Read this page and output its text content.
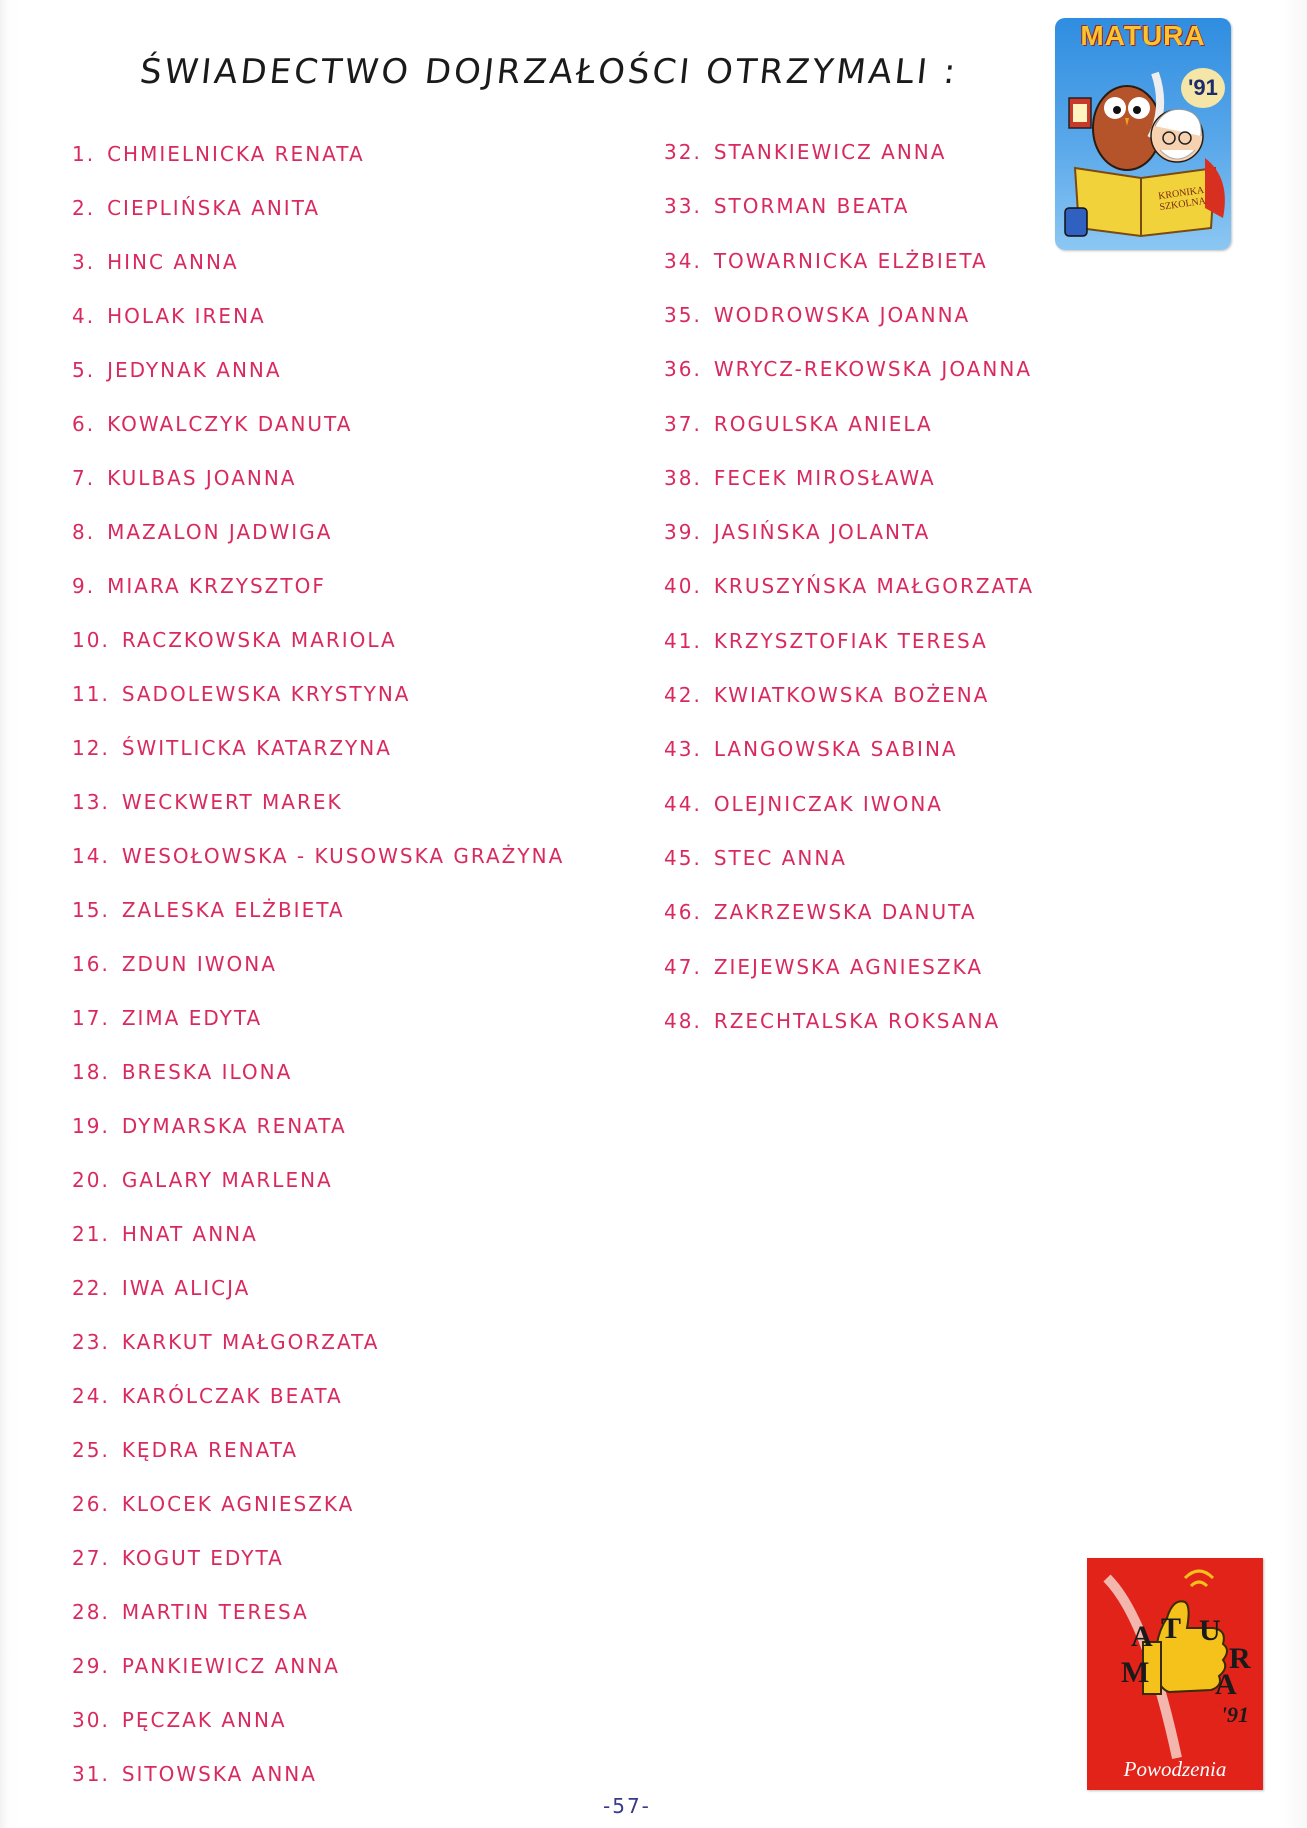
ŚWIADECTWO DOJRZAŁOŚCI OTRZYMALI :
1. CHMIELNICKA RENATA
2. CIEPLIŃSKA ANITA
3. HINC ANNA
4. HOLAK IRENA
5. JEDYNAK ANNA
6. KOWALCZYK DANUTA
7. KULBAS JOANNA
8. MAZALON JADWIGA
9. MIARA KRZYSZTOF
10. RACZKOWSKA MARIOLA
11. SADOLEWSKA KRYSTYNA
12. ŚWITLICKA KATARZYNA
13. WECKWERT MAREK
14. WESOŁOWSKA - KUSOWSKA GRAŻYNA
15. ZALESKA ELŻBIETA
16. ZDUN IWONA
17. ZIMA EDYTA
18. BRESKA ILONA
19. DYMARSKA RENATA
20. GALARY MARLENA
21. HNAT ANNA
22. IWA ALICJA
23. KARKUT MAŁGORZATA
24. KARÓLCZAK BEATA
25. KĘDRA RENATA
26. KLOCEK AGNIESZKA
27. KOGUT EDYTA
28. MARTIN TERESA
29. PANKIEWICZ ANNA
30. PĘCZAK ANNA
31. SITOWSKA ANNA
32. STANKIEWICZ ANNA
33. STORMAN BEATA
34. TOWARNICKA ELŻBIETA
35. WODROWSKA JOANNA
36. WRYCZ-REKOWSKA JOANNA
37. ROGULSKA ANIELA
38. FECEK MIROSŁAWA
39. JASIŃSKA JOLANTA
40. KRUSZYŃSKA MAŁGORZATA
41. KRZYSZTOFIAK TERESA
42. KWIATKOWSKA BOŻENA
43. LANGOWSKA SABINA
44. OLEJNICZAK IWONA
45. STEC ANNA
46. ZAKRZEWSKA DANUTA
47. ZIEJEWSKA AGNIESZKA
48. RZECHTALSKA ROKSANA
MATURA
'91
KRONIKA SZKOLNA
A
M
T U
R
A
'91
Powodzenia
-57-
